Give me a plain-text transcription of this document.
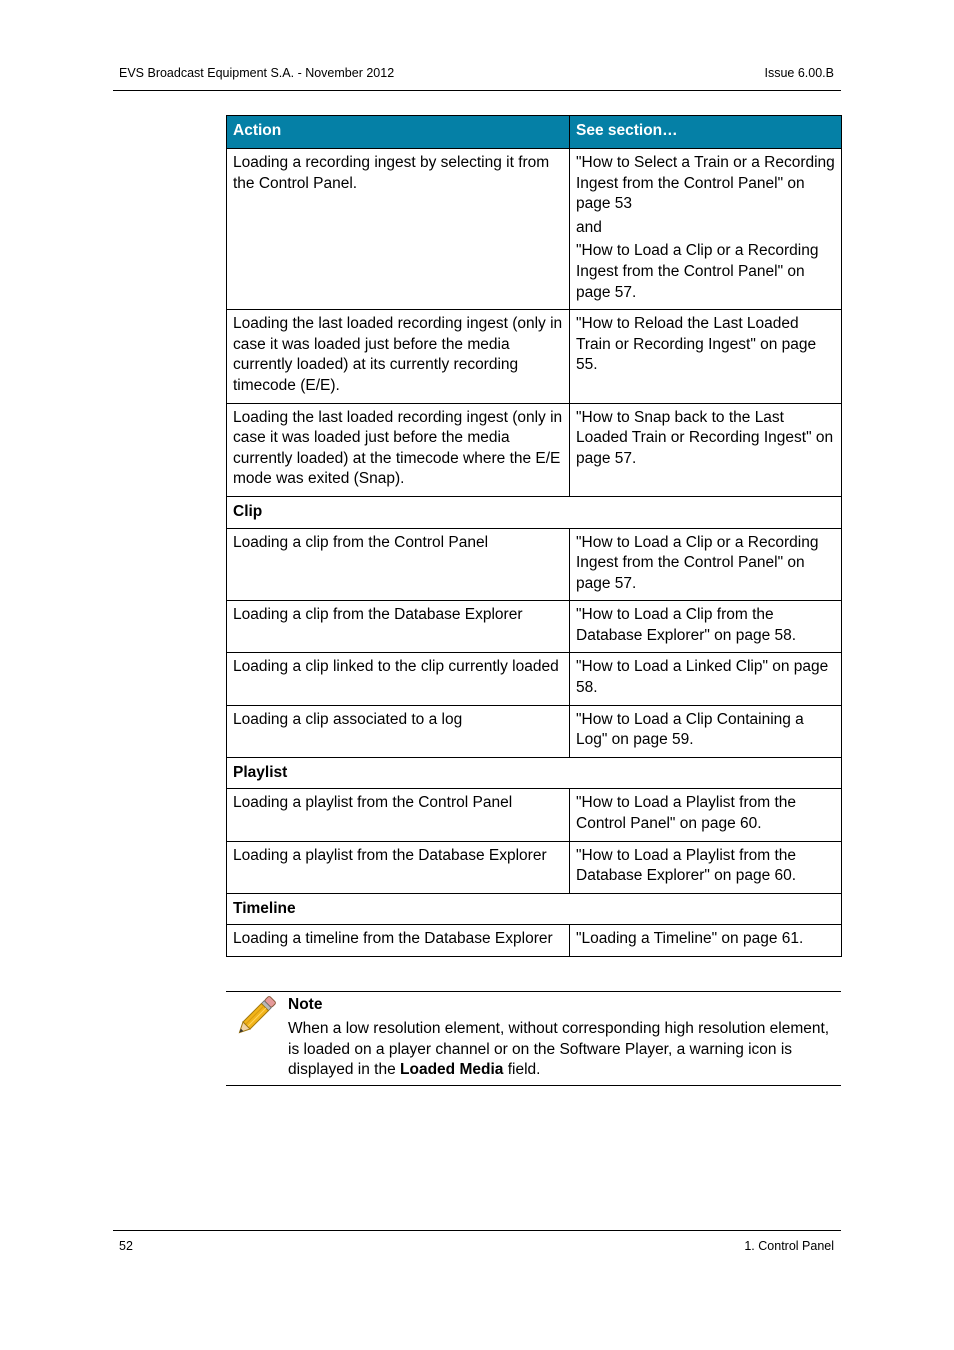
EVS Broadcast Equipment S.A. - November 2012	Issue 6.00.B
Action	See section…
Loading a recording ingest by selecting it from the Control Panel.	"How to Select a Train or a Recording Ingest from the Control Panel" on page 53
and
"How to Load a Clip or a Recording Ingest from the Control Panel" on page 57.

Loading the last loaded recording ingest (only in case it was loaded just before the media currently loaded) at its currently recording timecode (E/E).	"How to Reload the Last Loaded Train or Recording Ingest" on page 55.

Loading the last loaded recording ingest (only in case it was loaded just before the media currently loaded) at the timecode where the E/E mode was exited (Snap).	"How to Snap back to the Last Loaded Train or Recording Ingest" on page 57.

Clip	
Loading a clip from the Control Panel	"How to Load a Clip or a Recording Ingest from the Control Panel" on page 57.
Loading a clip from the Database Explorer	"How to Load a Clip from the Database Explorer" on page 58.
Loading a clip linked to the clip currently loaded	"How to Load a Linked Clip" on page 58.
Loading a clip associated to a log	"How to Load a Clip Containing a Log" on page 59.
Playlist	
Loading a playlist from the Control Panel	"How to Load a Playlist from the Control Panel" on page 60.
Loading a playlist from the Database Explorer	"How to Load a Playlist from the Database Explorer" on page 60.
Timeline	
Loading a timeline from the Database Explorer	"Loading a Timeline" on page 61.
Note
When a low resolution element, without corresponding high resolution element, is loaded on a player channel or on the Software Player, a warning icon is displayed in the Loaded Media field.
52	1. Control Panel
